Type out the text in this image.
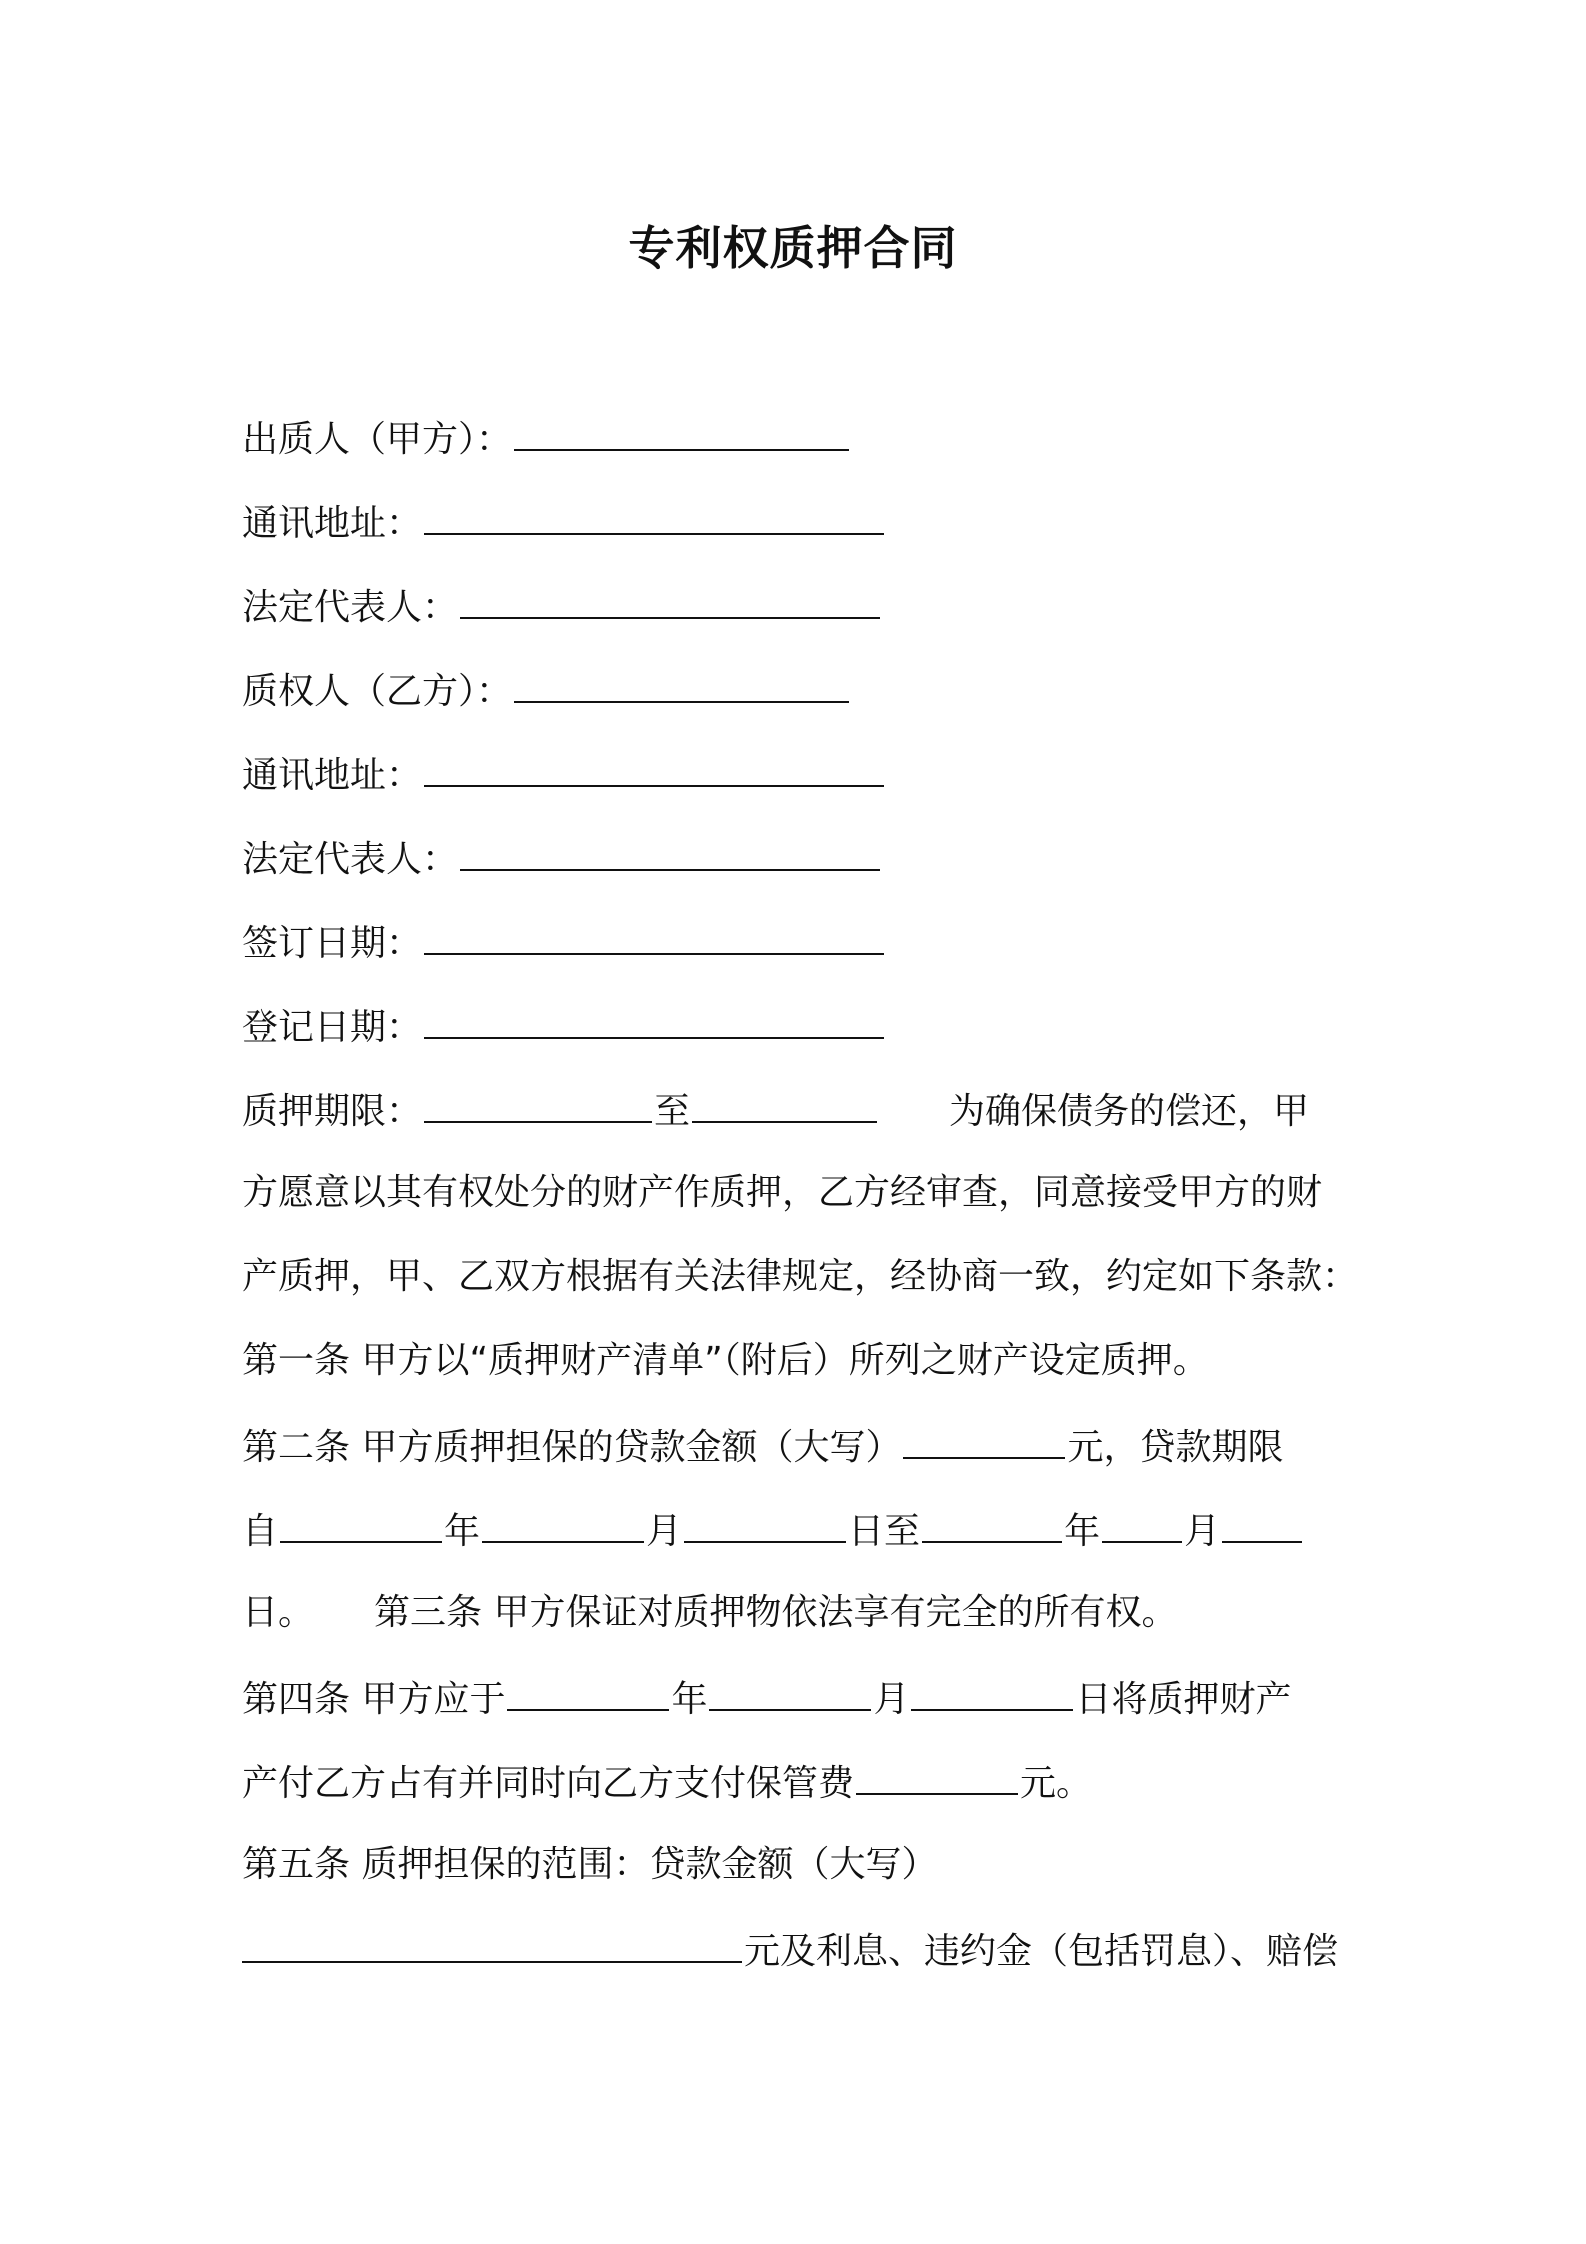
专利权质押合同
出质人（甲方）：
通讯地址：
法定代表人：
质权人（乙方）：
通讯地址：
法定代表人：
签订日期：
登记日期：
质押期限：	至	为确保债务的偿还，甲
方愿意以其有权处分的财产作质押，乙方经审查，同意接受甲方的财
产质押，甲、乙双方根据有关法律规定，经协商一致，约定如下条款：
第一条 甲方以“质押财产清单”（附后）所列之财产设定质押。
第二条 甲方质押担保的贷款金额（大写）	元，贷款期限
自	年	月	日至	年 月
日。 第三条 甲方保证对质押物依法享有完全的所有权。
第四条 甲方应于	年	月	日将质押财产
产付乙方占有并同时向乙方支付保管费	元。
第五条 质押担保的范围：贷款金额（大写）
元及利息、违约金（包括罚息）、赔偿
